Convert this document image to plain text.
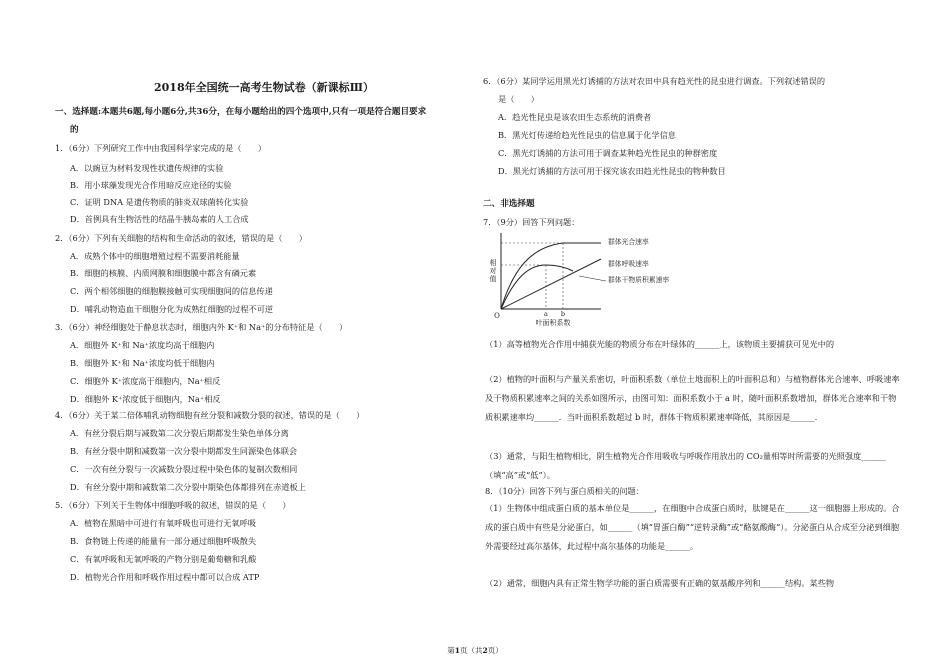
2018年全国统一高考生物试卷（新课标Ⅲ）
一、选择题:本题共6题,每小题6分,共36分，在每小题给出的四个选项中,只有一项是符合题目要求
的
1．（6分）下列研究工作中由我国科学家完成的是（　　）
A．以豌豆为材料发现性状遗传规律的实验
B．用小球藻发现光合作用暗反应途径的实验
C．证明 DNA 是遗传物质的肺炎双球菌转化实验
D．首例具有生物活性的结晶牛胰岛素的人工合成
2．（6分）下列有关细胞的结构和生命活动的叙述，错误的是（　　）
A．成熟个体中的细胞增殖过程不需要消耗能量
B．细胞的核膜、内质网膜和细胞膜中都含有磷元素
C．两个相邻细胞的细胞膜接触可实现细胞间的信息传递
D．哺乳动物造血干细胞分化为成熟红细胞的过程不可逆
3．（6分）神经细胞处于静息状态时，细胞内外 K⁺和 Na⁺的分布特征是（　　）
A．细胞外 K⁺和 Na⁺浓度均高于细胞内
B．细胞外 K⁺和 Na⁺浓度均低于细胞内
C．细胞外 K⁺浓度高于细胞内，Na⁺相反
D．细胞外 K⁺浓度低于细胞内，Na⁺相反
4．（6分）关于某二倍体哺乳动物细胞有丝分裂和减数分裂的叙述，错误的是（　　）
A．有丝分裂后期与减数第二次分裂后期都发生染色单体分离
B．有丝分裂中期和减数第一次分裂中期都发生同源染色体联会
C．一次有丝分裂与一次减数分裂过程中染色体的复制次数相同
D．有丝分裂中期和减数第二次分裂中期染色体都排列在赤道板上
5．（6分）下列关于生物体中细胞呼吸的叙述，错误的是（　　）
A．植物在黑暗中可进行有氧呼吸也可进行无氧呼吸
B．食物链上传递的能量有一部分通过细胞呼吸散失
C．有氧呼吸和无氧呼吸的产物分别是葡萄糖和乳酸
D．植物光合作用和呼吸作用过程中都可以合成 ATP
6．（6分）某同学运用黑光灯诱捕的方法对农田中具有趋光性的昆虫进行调查。下列叙述错误的
是（　　）
A．趋光性昆虫是该农田生态系统的消费者
B．黑光灯传递给趋光性昆虫的信息属于化学信息
C．黑光灯诱捕的方法可用于调查某种趋光性昆虫的种群密度
D．黑光灯诱捕的方法可用于探究该农田趋光性昆虫的物种数目
二、非选择题
7．（9分）回答下列问题：
相
对
值
O	a b
叶面积系数
群体光合速率
群体呼吸速率
群体干物质积累速率
（1）高等植物光合作用中捕获光能的物质分布在叶绿体的______上，该物质主要捕获可见光中的
（2）植物的叶面积与产量关系密切，叶面积系数（单位土地面积上的叶面积总和）与植物群体光合速率、呼吸速率及干物质积累速率之间的关系如图所示，由图可知：面积系数小于 a 时，随叶面积系数增加，群体光合速率和干物质积累速率均______．当叶面积系数超过 b 时，群体干物质积累速率降低，其原因是______．
（3）通常，与阳生植物相比，阴生植物光合作用吸收与呼吸作用放出的 CO₂量相等时所需要的光照强度______（填“高”或“低”）。
8．（10分）回答下列与蛋白质相关的问题：
（1）生物体中组成蛋白质的基本单位是______，在细胞中合成蛋白质时，肽键是在______这一细胞器上形成的。合成的蛋白质中有些是分泌蛋白，如______（填“胃蛋白酶”“逆转录酶”或“酪氨酸酶”）。分泌蛋白从合成至分泌到细胞外需要经过高尔基体，此过程中高尔基体的功能是______。
（2）通常，细胞内具有正常生物学功能的蛋白质需要有正确的氨基酸序列和______结构。某些物
第1页（共2页）
